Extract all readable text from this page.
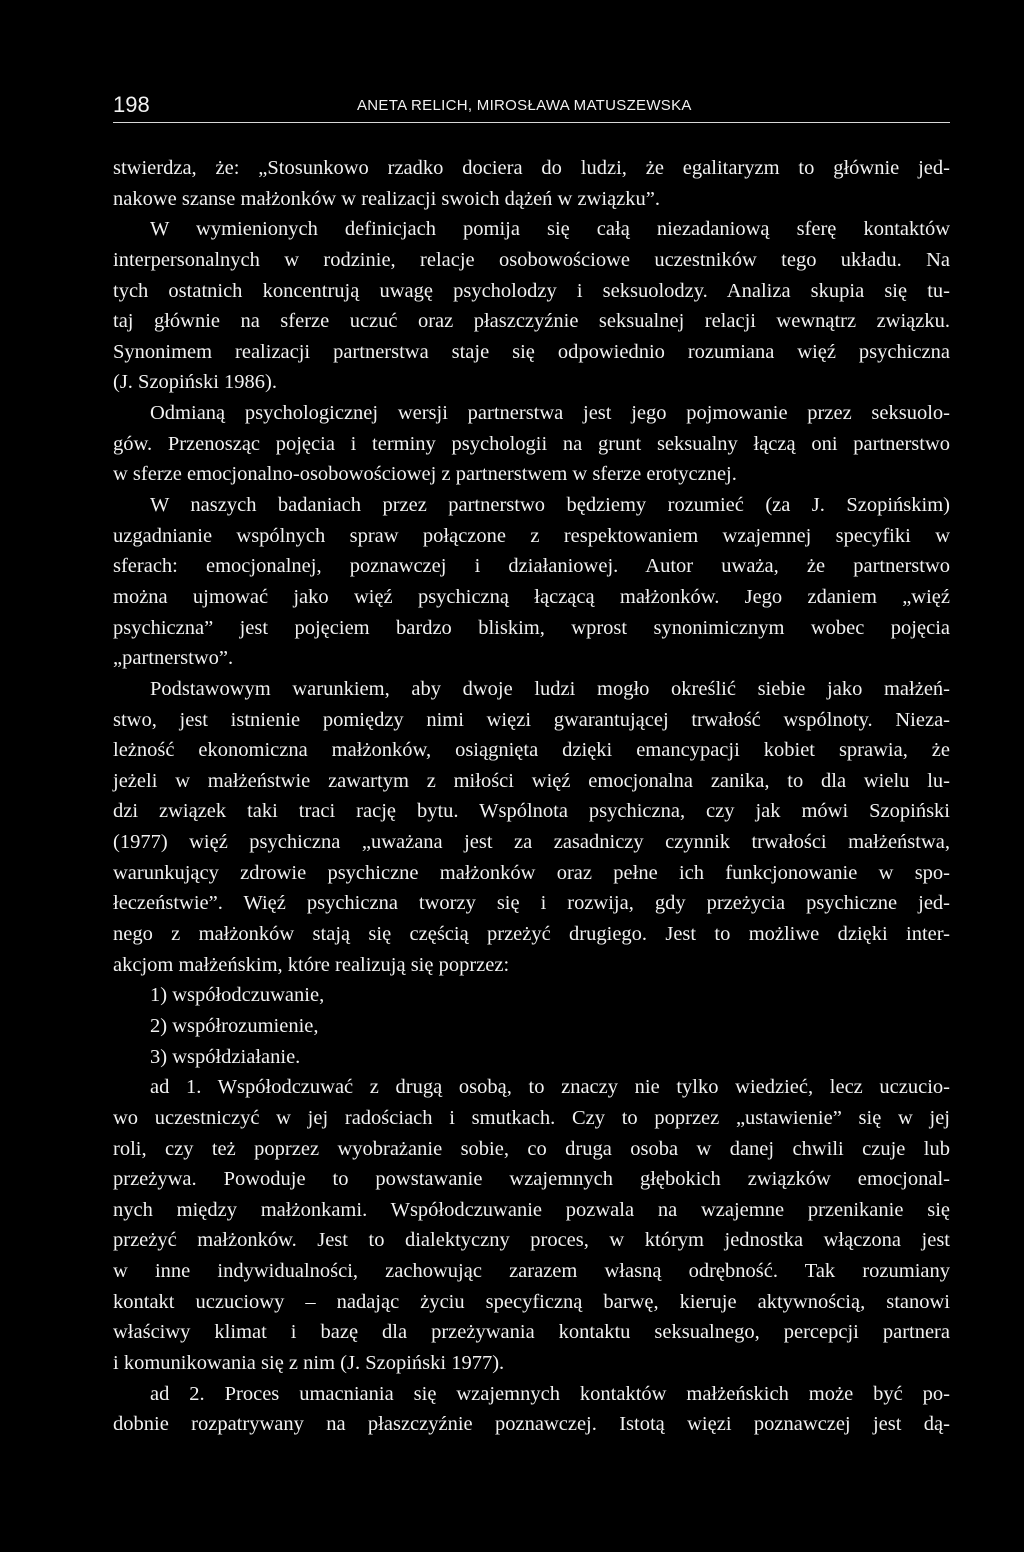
198	ANETA RELICH, MIROSŁAWA MATUSZEWSKA
stwierdza, że: „Stosunkowo rzadko dociera do ludzi, że egalitaryzm to głównie jed-
nakowe szanse małżonków w realizacji swoich dążeń w związku”.
W wymienionych definicjach pomija się całą niezadaniową sferę kontaktów
interpersonalnych w rodzinie, relacje osobowościowe uczestników tego układu. Na
tych ostatnich koncentrują uwagę psycholodzy i seksuolodzy. Analiza skupia się tu-
taj głównie na sferze uczuć oraz płaszczyźnie seksualnej relacji wewnątrz związku.
Synonimem realizacji partnerstwa staje się odpowiednio rozumiana więź psychiczna
(J. Szopiński 1986).
Odmianą psychologicznej wersji partnerstwa jest jego pojmowanie przez seksuolo-
gów. Przenosząc pojęcia i terminy psychologii na grunt seksualny łączą oni partnerstwo
w sferze emocjonalno-osobowościowej z partnerstwem w sferze erotycznej.
W naszych badaniach przez partnerstwo będziemy rozumieć (za J. Szopińskim)
uzgadnianie wspólnych spraw połączone z respektowaniem wzajemnej specyfiki w
sferach: emocjonalnej, poznawczej i działaniowej. Autor uważa, że partnerstwo
można ujmować jako więź psychiczną łączącą małżonków. Jego zdaniem „więź
psychiczna” jest pojęciem bardzo bliskim, wprost synonimicznym wobec pojęcia
„partnerstwo”.
Podstawowym warunkiem, aby dwoje ludzi mogło określić siebie jako małżeń-
stwo, jest istnienie pomiędzy nimi więzi gwarantującej trwałość wspólnoty. Nieza-
leżność ekonomiczna małżonków, osiągnięta dzięki emancypacji kobiet sprawia, że
jeżeli w małżeństwie zawartym z miłości więź emocjonalna zanika, to dla wielu lu-
dzi związek taki traci rację bytu. Wspólnota psychiczna, czy jak mówi Szopiński
(1977) więź psychiczna „uważana jest za zasadniczy czynnik trwałości małżeństwa,
warunkujący zdrowie psychiczne małżonków oraz pełne ich funkcjonowanie w spo-
łeczeństwie”. Więź psychiczna tworzy się i rozwija, gdy przeżycia psychiczne jed-
nego z małżonków stają się częścią przeżyć drugiego. Jest to możliwe dzięki inter-
akcjom małżeńskim, które realizują się poprzez:
1) współodczuwanie,
2) współrozumienie,
3) współdziałanie.
ad 1. Współodczuwać z drugą osobą, to znaczy nie tylko wiedzieć, lecz uczucio-
wo uczestniczyć w jej radościach i smutkach. Czy to poprzez „ustawienie” się w jej
roli, czy też poprzez wyobrażanie sobie, co druga osoba w danej chwili czuje lub
przeżywa. Powoduje to powstawanie wzajemnych głębokich związków emocjonal-
nych między małżonkami. Współodczuwanie pozwala na wzajemne przenikanie się
przeżyć małżonków. Jest to dialektyczny proces, w którym jednostka włączona jest
w inne indywidualności, zachowując zarazem własną odrębność. Tak rozumiany
kontakt uczuciowy – nadając życiu specyficzną barwę, kieruje aktywnością, stanowi
właściwy klimat i bazę dla przeżywania kontaktu seksualnego, percepcji partnera
i komunikowania się z nim (J. Szopiński 1977).
ad 2. Proces umacniania się wzajemnych kontaktów małżeńskich może być po-
dobnie rozpatrywany na płaszczyźnie poznawczej. Istotą więzi poznawczej jest dą-
